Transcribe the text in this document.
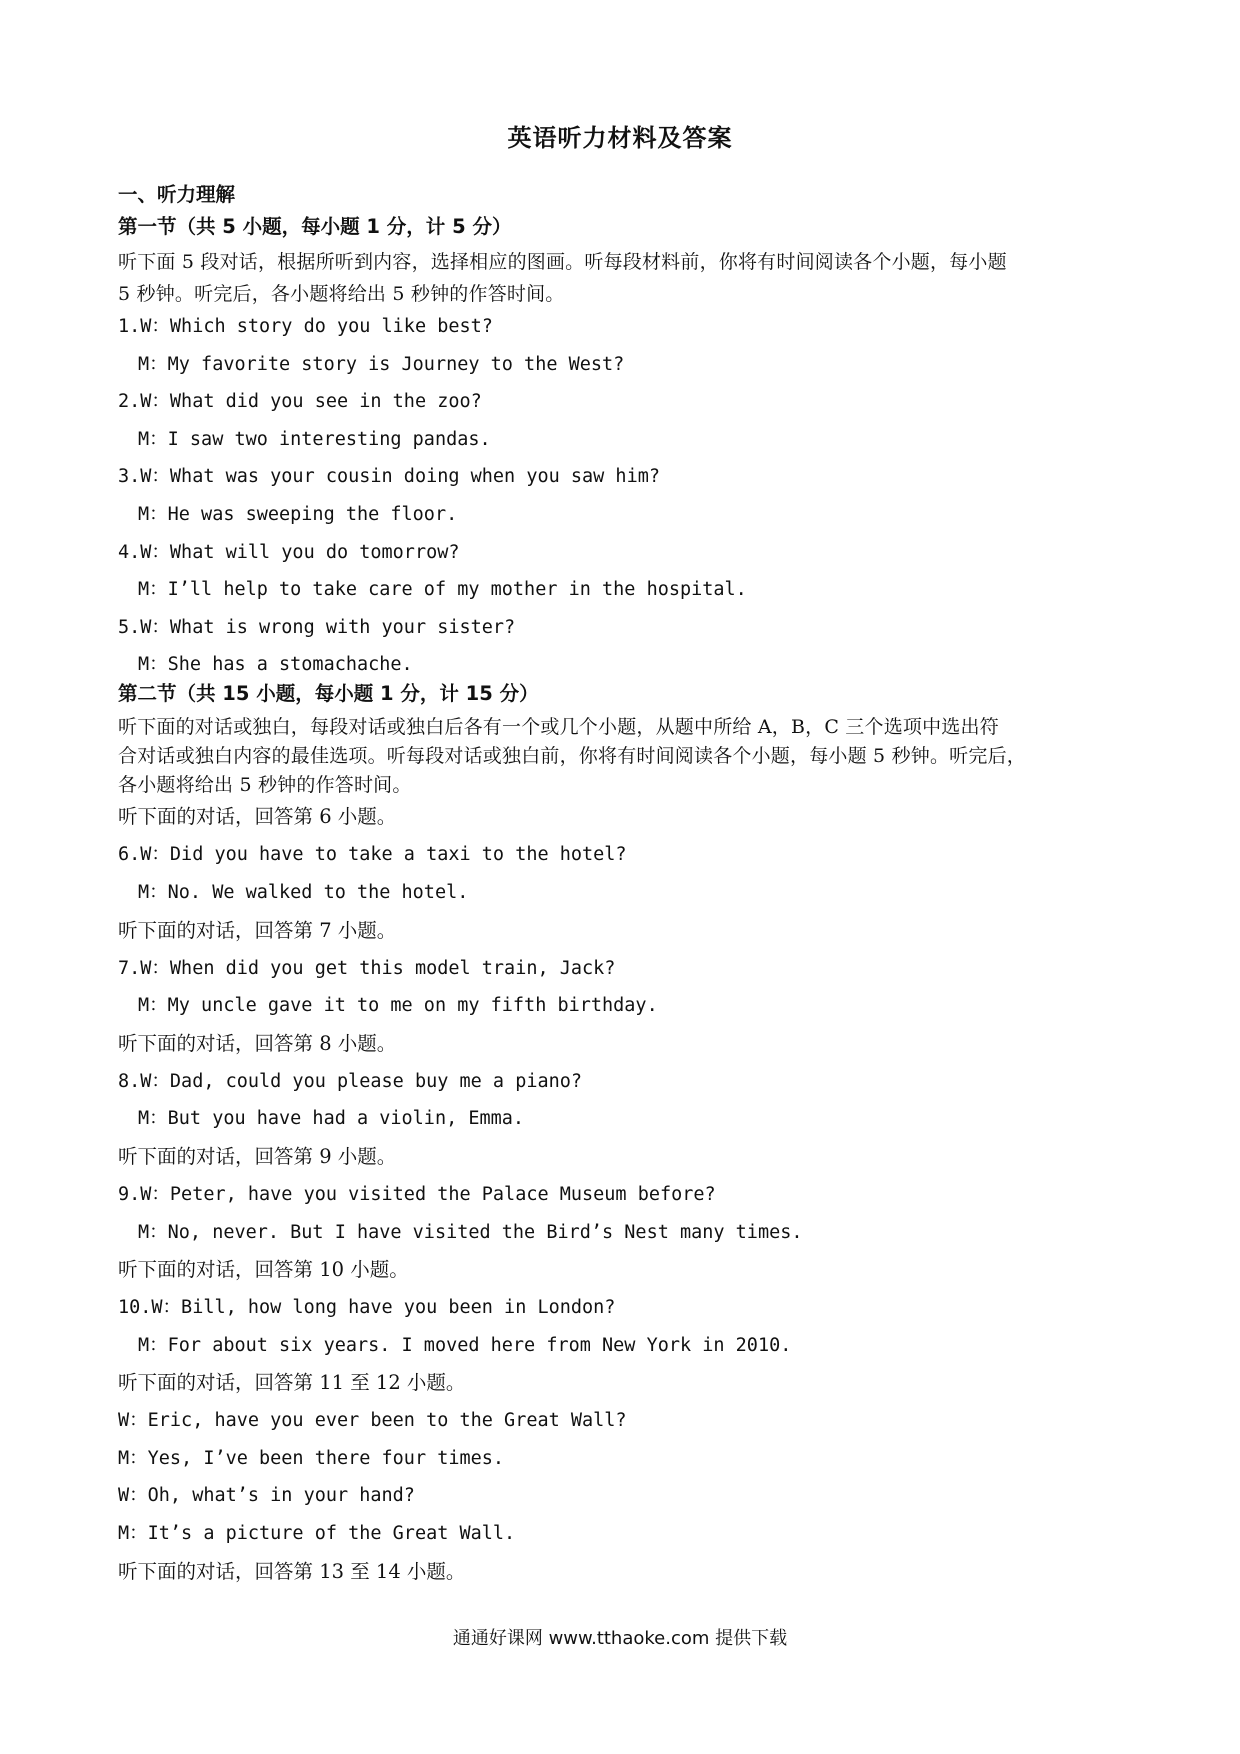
英语听力材料及答案
一、听力理解
第一节（共 5 小题，每小题 1 分，计 5 分）
听下面 5 段对话，根据所听到内容，选择相应的图画。听每段材料前，你将有时间阅读各个小题，每小题
5 秒钟。听完后，各小题将给出 5 秒钟的作答时间。
1.W：Which story do you like best?
M：My favorite story is Journey to the West?
2.W：What did you see in the zoo?
M：I saw two interesting pandas.
3.W：What was your cousin doing when you saw him?
M：He was sweeping the floor.
4.W：What will you do tomorrow?
M：I’ll help to take care of my mother in the hospital.
5.W：What is wrong with your sister?
M：She has a stomachache.
第二节（共 15 小题，每小题 1 分，计 15 分）
听下面的对话或独白，每段对话或独白后各有一个或几个小题，从题中所给 A，B，C 三个选项中选出符
合对话或独白内容的最佳选项。听每段对话或独白前，你将有时间阅读各个小题，每小题 5 秒钟。听完后，
各小题将给出 5 秒钟的作答时间。
听下面的对话，回答第 6 小题。
6.W：Did you have to take a taxi to the hotel?
M：No. We walked to the hotel.
听下面的对话，回答第 7 小题。
7.W：When did you get this model train, Jack?
M：My uncle gave it to me on my fifth birthday.
听下面的对话，回答第 8 小题。
8.W：Dad, could you please buy me a piano?
M：But you have had a violin, Emma.
听下面的对话，回答第 9 小题。
9.W：Peter, have you visited the Palace Museum before?
M：No, never. But I have visited the Bird’s Nest many times.
听下面的对话，回答第 10 小题。
10.W：Bill, how long have you been in London?
M：For about six years. I moved here from New York in 2010.
听下面的对话，回答第 11 至 12 小题。
W：Eric, have you ever been to the Great Wall?
M：Yes, I’ve been there four times.
W：Oh, what’s in your hand?
M：It’s a picture of the Great Wall.
听下面的对话，回答第 13 至 14 小题。
通通好课网 www.tthaoke.com 提供下载
